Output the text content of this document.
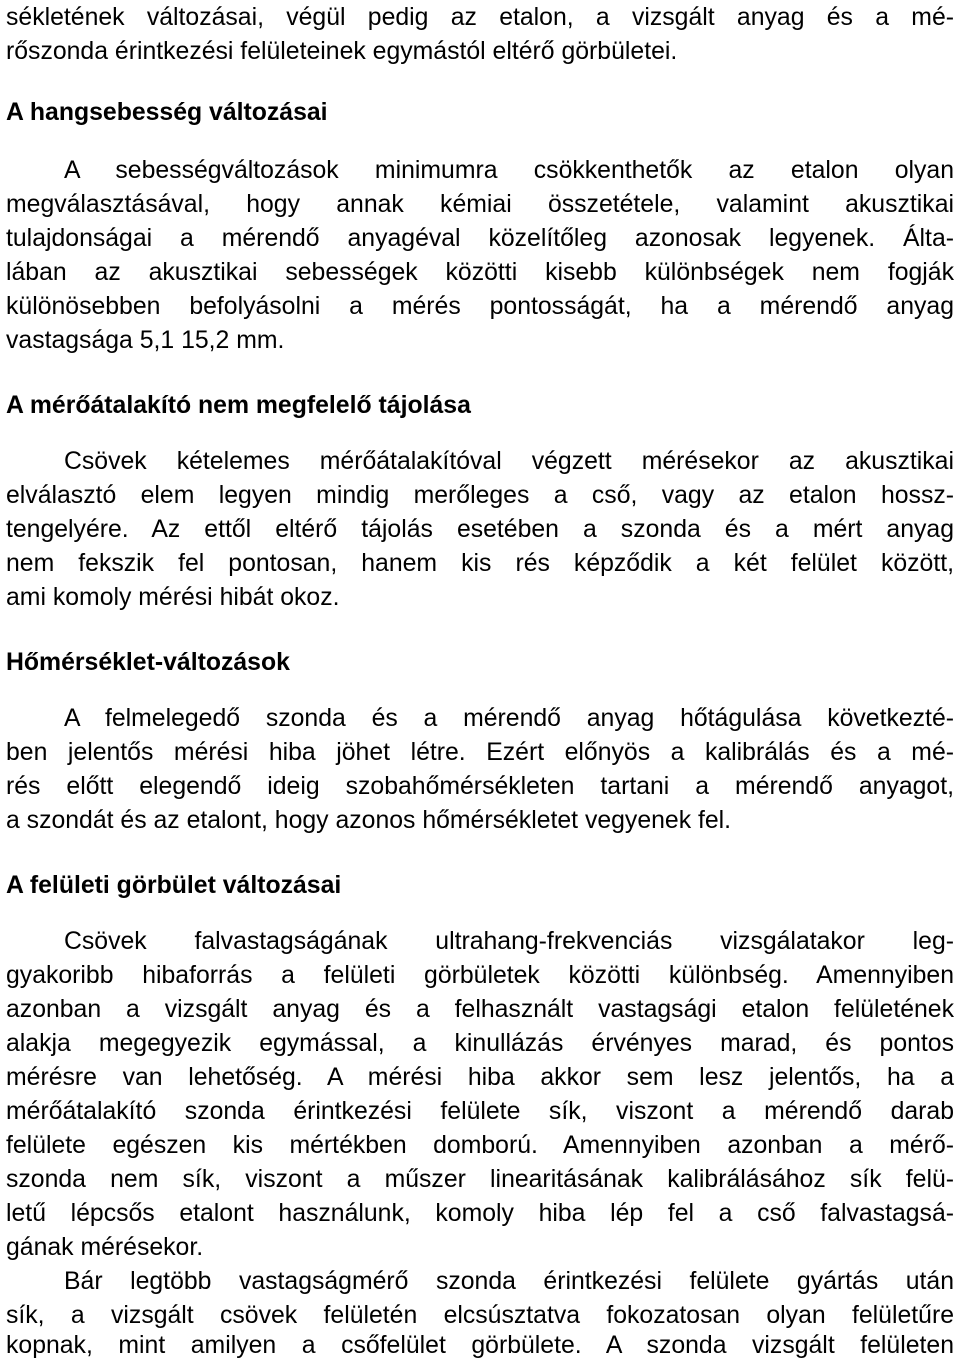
sékletének változásai, végül pedig az etalon, a vizsgált anyag és a mé-
rőszonda érintkezési felületeinek egymástól eltérő görbületei.
A hangsebesség változásai
A sebességváltozások minimumra csökkenthetők az etalon olyan
megválasztásával, hogy annak kémiai összetétele, valamint akusztikai
tulajdonságai a mérendő anyagéval közelítőleg azonosak legyenek. Álta-
lában az akusztikai sebességek közötti kisebb különbségek nem fogják
különösebben befolyásolni a mérés pontosságát, ha a mérendő anyag
vastagsága 5,1 15,2 mm.
A mérőátalakító nem megfelelő tájolása
Csövek kételemes mérőátalakítóval végzett mérésekor az akusztikai
elválasztó elem legyen mindig merőleges a cső, vagy az etalon hossz-
tengelyére. Az ettől eltérő tájolás esetében a szonda és a mért anyag
nem fekszik fel pontosan, hanem kis rés képződik a két felület között,
ami komoly mérési hibát okoz.
Hőmérséklet-változások
A felmelegedő szonda és a mérendő anyag hőtágulása következté-
ben jelentős mérési hiba jöhet létre. Ezért előnyös a kalibrálás és a mé-
rés előtt elegendő ideig szobahőmérsékleten tartani a mérendő anyagot,
a szondát és az etalont, hogy azonos hőmérsékletet vegyenek fel.
A felületi görbület változásai
Csövek falvastagságának ultrahang-frekvenciás vizsgálatakor leg-
gyakoribb hibaforrás a felületi görbületek közötti különbség. Amennyiben
azonban a vizsgált anyag és a felhasznált vastagsági etalon felületének
alakja megegyezik egymással, a kinullázás érvényes marad, és pontos
mérésre van lehetőség. A mérési hiba akkor sem lesz jelentős, ha a
mérőátalakító szonda érintkezési felülete sík, viszont a mérendő darab
felülete egészen kis mértékben domború. Amennyiben azonban a mérő-
szonda nem sík, viszont a műszer linearitásának kalibrálásához sík felü-
letű lépcsős etalont használunk, komoly hiba lép fel a cső falvastagsá-
gának mérésekor.
Bár legtöbb vastagságmérő szonda érintkezési felülete gyártás után
sík, a vizsgált csövek felületén elcsúsztatva fokozatosan olyan felületűre
kopnak, mint amilyen a csőfelület görbülete. A szonda vizsgált felületen
